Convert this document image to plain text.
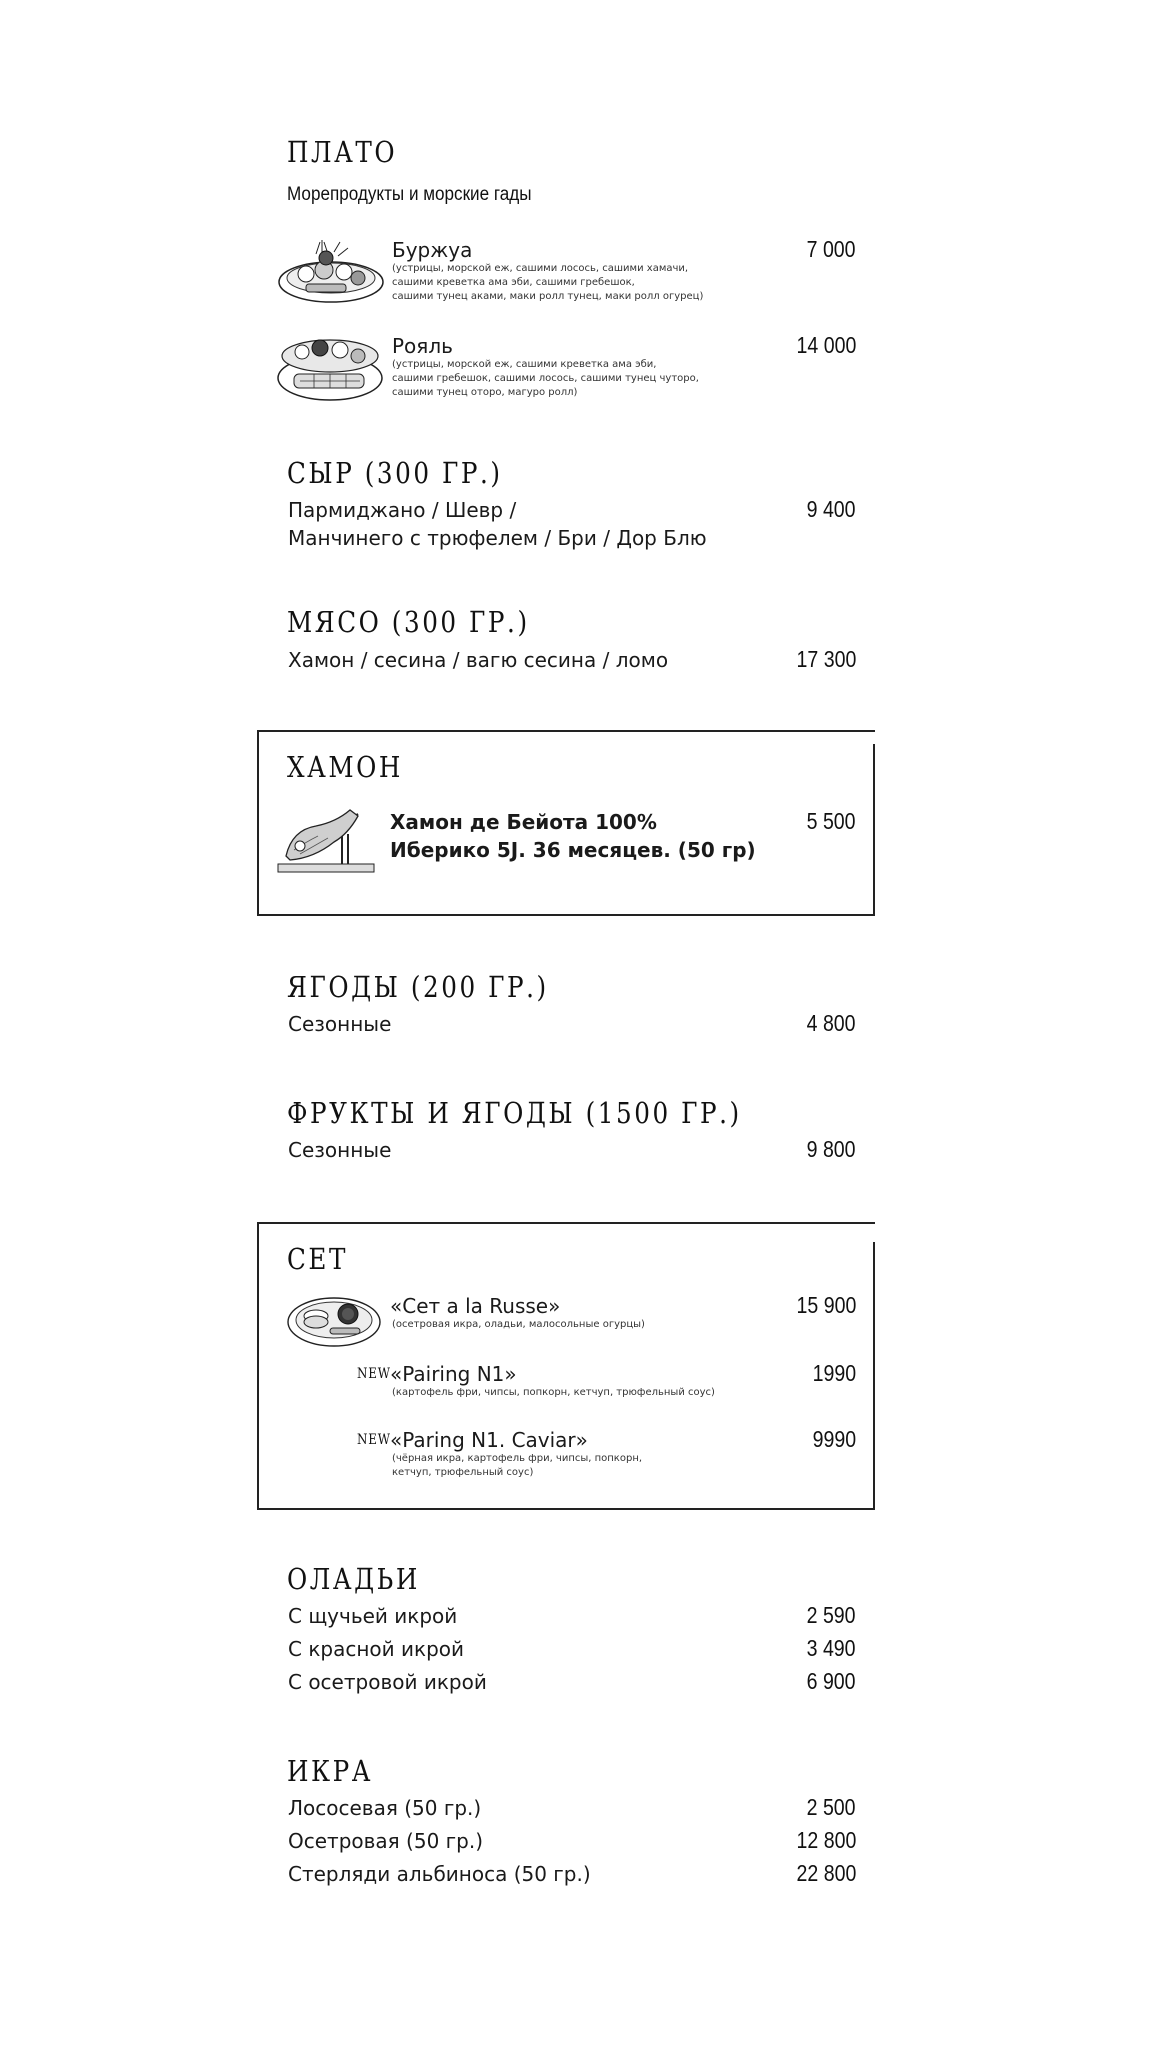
ПЛАТО
Морепродукты и морские гады
Буржуа
(устрицы, морской еж, сашими лосось, сашими хамачи,
сашими креветка ама эби, сашими гребешок,
сашими тунец аками, маки ролл тунец, маки ролл огурец)
7 000
Рояль
(устрицы, морской еж, сашими креветка ама эби,
сашими гребешок, сашими лосось, сашими тунец чуторо,
сашими тунец оторо, магуро ролл)
14 000
СЫР (300 ГР.)
Пармиджано / Шевр /
Манчинего с трюфелем / Бри / Дор Блю
9 400
МЯСО (300 ГР.)
Хамон / сесина / вагю сесина / ломо	17 300
ХАМОН
Хамон де Бейота 100%
Иберико 5J. 36 месяцев. (50 гр)
5 500
ЯГОДЫ (200 ГР.)
Сезонные	4 800
ФРУКТЫ И ЯГОДЫ (1500 ГР.)
Сезонные	9 800
СЕТ
«Сет a la Russe»
(осетровая икра, оладьи, малосольные огурцы)
15 900
NEW «Pairing N1»
(картофель фри, чипсы, попкорн, кетчуп, трюфельный соус)
1990
NEW «Paring N1. Caviar»
(чёрная икра, картофель фри, чипсы, попкорн,
кетчуп, трюфельный соус)
9990
ОЛАДЬИ
С щучьей икрой	2 590
С красной икрой	3 490
С осетровой икрой	6 900
ИКРА
Лососевая (50 гр.)	2 500
Осетровая (50 гр.)	12 800
Стерляди альбиноса (50 гр.)	22 800
